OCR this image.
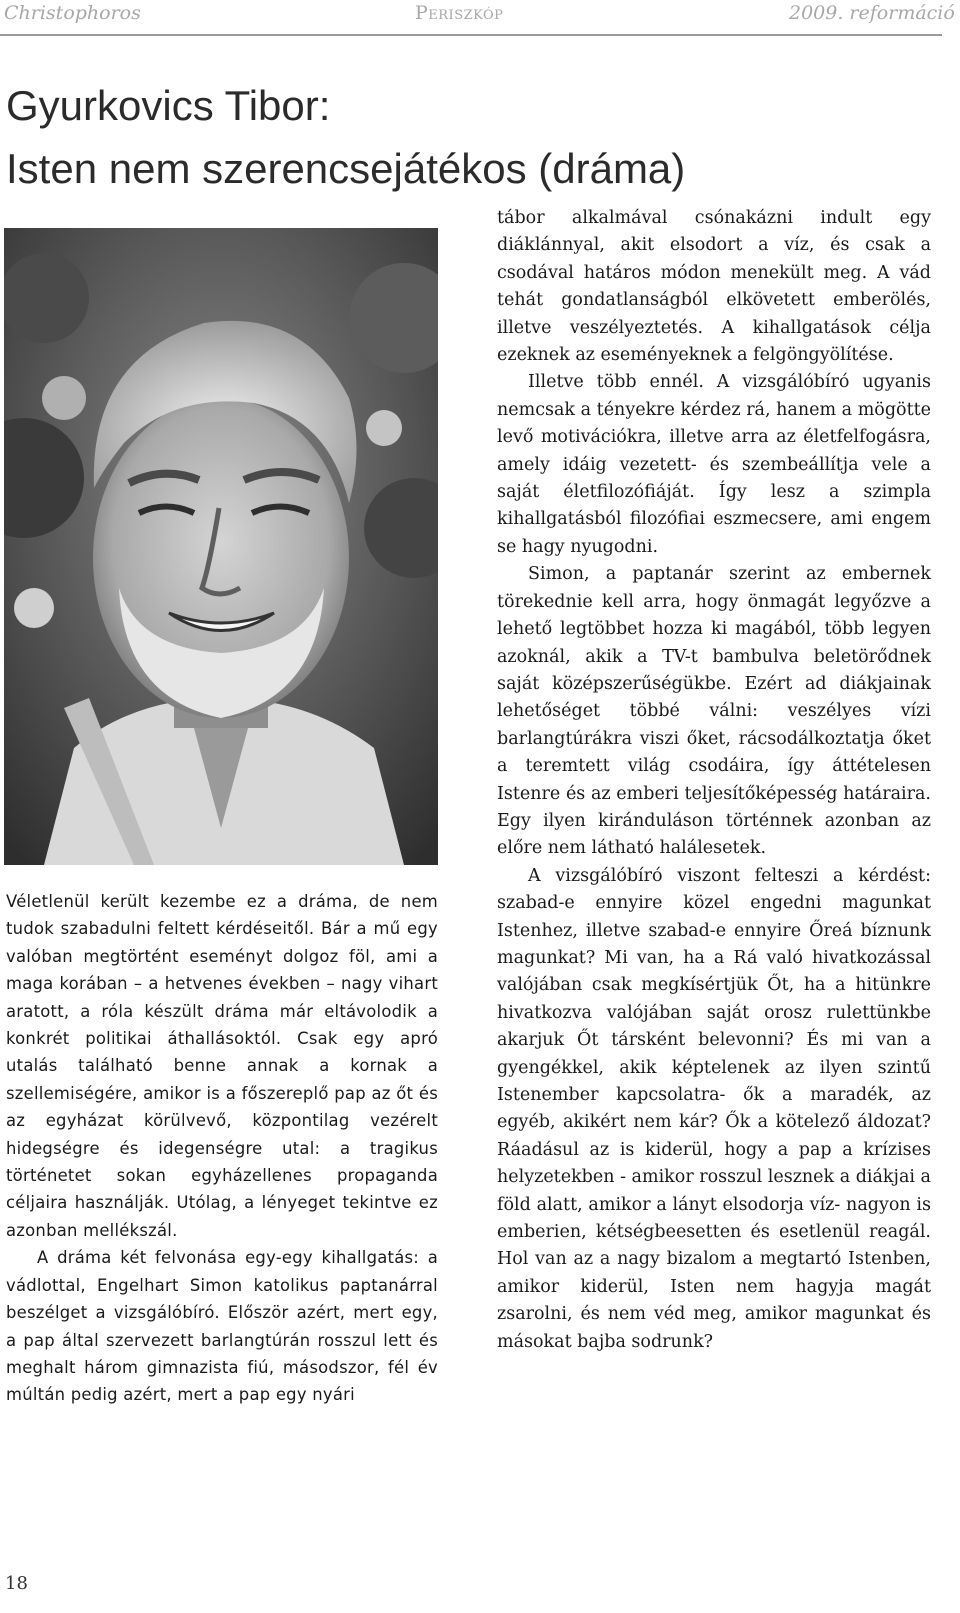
Christophoros	Periszkóp	2009. reformáció
Gyurkovics Tibor:
Isten nem szerencsejátékos (dráma)

Véletlenül került kezembe ez a dráma, de nem tudok szabadulni feltett kérdéseitől. Bár a mű egy valóban megtörtént eseményt dolgoz föl, ami a maga korában – a hetvenes években – nagy vihart aratott, a róla készült dráma már eltávolodik a konkrét politikai áthallásoktól. Csak egy apró utalás található benne annak a kornak a szellemiségére, amikor is a főszereplő pap az őt és az egyházat körülvevő, központilag vezérelt hidegségre és idegenségre utal: a tragikus történetet sokan egyházellenes propaganda céljaira használják. Utólag, a lényeget tekintve ez azonban mellékszál.

A dráma két felvonása egy-egy kihallgatás: a vádlottal, Engelhart Simon katolikus paptanárral beszélget a vizsgálóbíró. Először azért, mert egy, a pap által szervezett barlangtúrán rosszul lett és meghalt három gimnazista fiú, másodszor, fél év múltán pedig azért, mert a pap egy nyári

tábor alkalmával csónakázni indult egy diáklánnyal, akit elsodort a víz, és csak a csodával határos módon menekült meg. A vád tehát gondatlanságból elkövetett emberölés, illetve veszélyeztetés. A kihallgatások célja ezeknek az eseményeknek a felgöngyölítése.

Illetve több ennél. A vizsgálóbíró ugyanis nemcsak a tényekre kérdez rá, hanem a mögötte levő motivációkra, illetve arra az életfelfogásra, amely idáig vezetett- és szembeállítja vele a saját életfilozófiáját. Így lesz a szimpla kihallgatásból filozófiai eszmecsere, ami engem se hagy nyugodni.

Simon, a paptanár szerint az embernek törekednie kell arra, hogy önmagát legyőzve a lehető legtöbbet hozza ki magából, több legyen azoknál, akik a TV-t bambulva beletörődnek saját középszerűségükbe. Ezért ad diákjainak lehetőséget többé válni: veszélyes vízi barlangtúrákra viszi őket, rácsodálkoztatja őket a teremtett világ csodáira, így áttételesen Istenre és az emberi teljesítőképesség határaira. Egy ilyen kiránduláson történnek azonban az előre nem látható halálesetek.

A vizsgálóbíró viszont felteszi a kérdést: szabad-e ennyire közel engedni magunkat Istenhez, illetve szabad-e ennyire Őreá bíznunk magunkat? Mi van, ha a Rá való hivatkozással valójában csak megkísértjük Őt, ha a hitünkre hivatkozva valójában saját orosz rulettünkbe akarjuk Őt társként belevonni? És mi van a gyengékkel, akik képtelenek az ilyen szintű Istenember kapcsolatra- ők a maradék, az egyéb, akikért nem kár? Ők a kötelező áldozat? Ráadásul az is kiderül, hogy a pap a krízises helyzetekben - amikor rosszul lesznek a diákjai a föld alatt, amikor a lányt elsodorja víz- nagyon is emberien, kétségbeesetten és esetlenül reagál. Hol van az a nagy bizalom a megtartó Istenben, amikor kiderül, Isten nem hagyja magát zsarolni, és nem véd meg, amikor magunkat és másokat bajba sodrunk?

18
